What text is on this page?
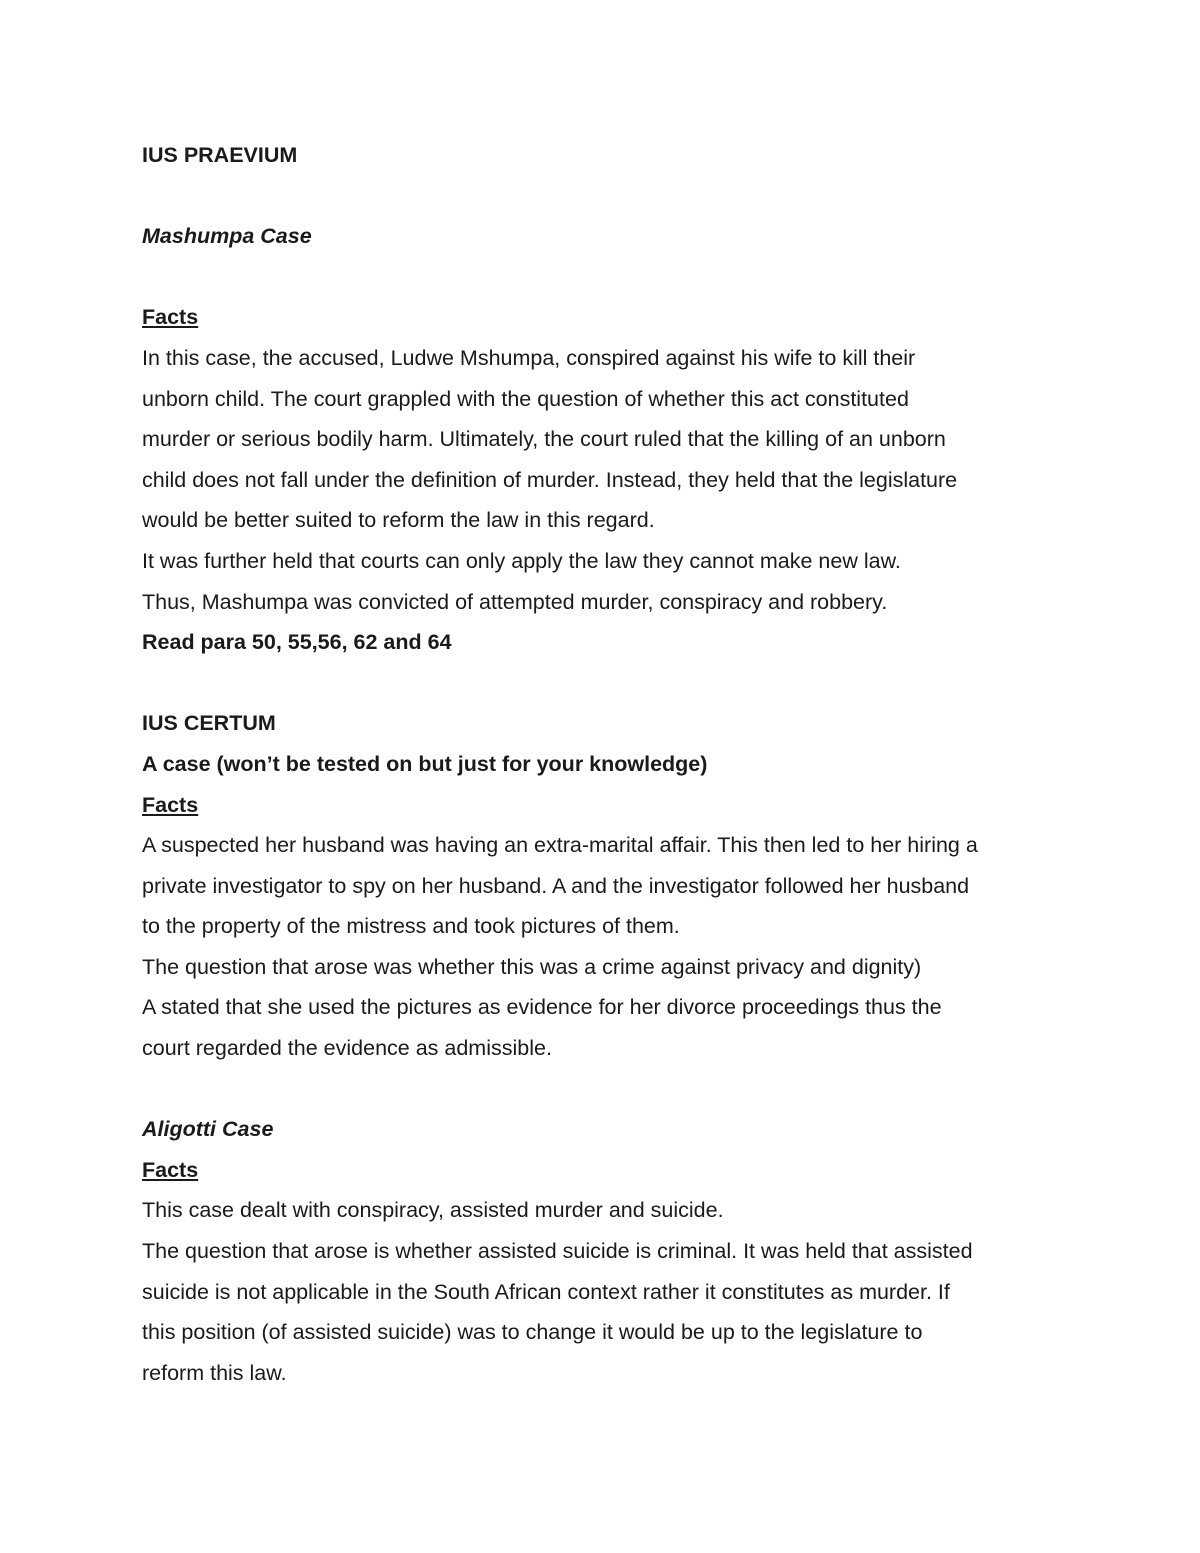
IUS PRAEVIUM
Mashumpa Case
Facts
In this case, the accused, Ludwe Mshumpa, conspired against his wife to kill their
unborn child. The court grappled with the question of whether this act constituted
murder or serious bodily harm. Ultimately, the court ruled that the killing of an unborn
child does not fall under the definition of murder. Instead, they held that the legislature
would be better suited to reform the law in this regard.
It was further held that courts can only apply the law they cannot make new law.
Thus, Mashumpa was convicted of attempted murder, conspiracy and robbery.
Read para 50, 55,56, 62 and 64
IUS CERTUM
A case (won’t be tested on but just for your knowledge)
Facts
A suspected her husband was having an extra-marital affair. This then led to her hiring a
private investigator to spy on her husband. A and the investigator followed her husband
to the property of the mistress and took pictures of them.
The question that arose was whether this was a crime against privacy and dignity)
A stated that she used the pictures as evidence for her divorce proceedings thus the
court regarded the evidence as admissible.
Aligotti Case
Facts
This case dealt with conspiracy, assisted murder and suicide.
The question that arose is whether assisted suicide is criminal. It was held that assisted
suicide is not applicable in the South African context rather it constitutes as murder. If
this position (of assisted suicide) was to change it would be up to the legislature to
reform this law.
